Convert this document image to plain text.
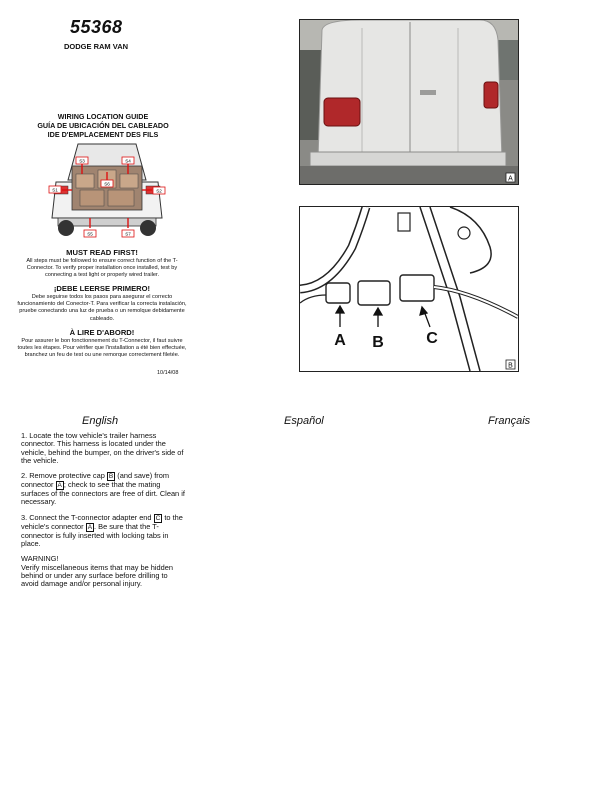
55368
DODGE RAM VAN
WIRING LOCATION GUIDE
GUÍA DE UBICACIÓN DEL CABLEADO
IDE D'EMPLACEMENT DES FILS
S3	S4
S6
S1	S2
S5	S7
MUST READ FIRST!
All steps must be followed to ensure correct function of the T-Connector. To verify proper installation once installed, test by connecting a test light or properly wired trailer.
¡DEBE LEERSE PRIMERO!
Debe seguirse todos los pasos para asegurar el correcto funcionamiento del Conector-T. Para verificar la correcta instalación, pruebe conectando una luz de prueba o un remolque debidamente cableado.
À LIRE D'ABORD!
Pour assurer le bon fonctionnement du T-Connector, il faut suivre toutes les étapes. Pour vérifier que l'installation a été bien effectuée, branchez un feu de test ou une remorque correctement filetée.
10/14/08
A
A B	C
B
English	Español	Français

1. Locate the tow vehicle's trailer harness connector. This harness is located under the vehicle, behind the bumper, on the driver's side of the vehicle.

2. Remove protective cap B (and save) from connector A ; check to see that the mating surfaces of the connectors are free of dirt. Clean if necessary.

3. Connect the T-connector adapter end C to the vehicle's connector A . Be sure that the T-connector is fully inserted with locking tabs in place.

WARNING!
Verify miscellaneous items that may be hidden behind or under any surface before drilling to avoid damage and/or personal injury.
